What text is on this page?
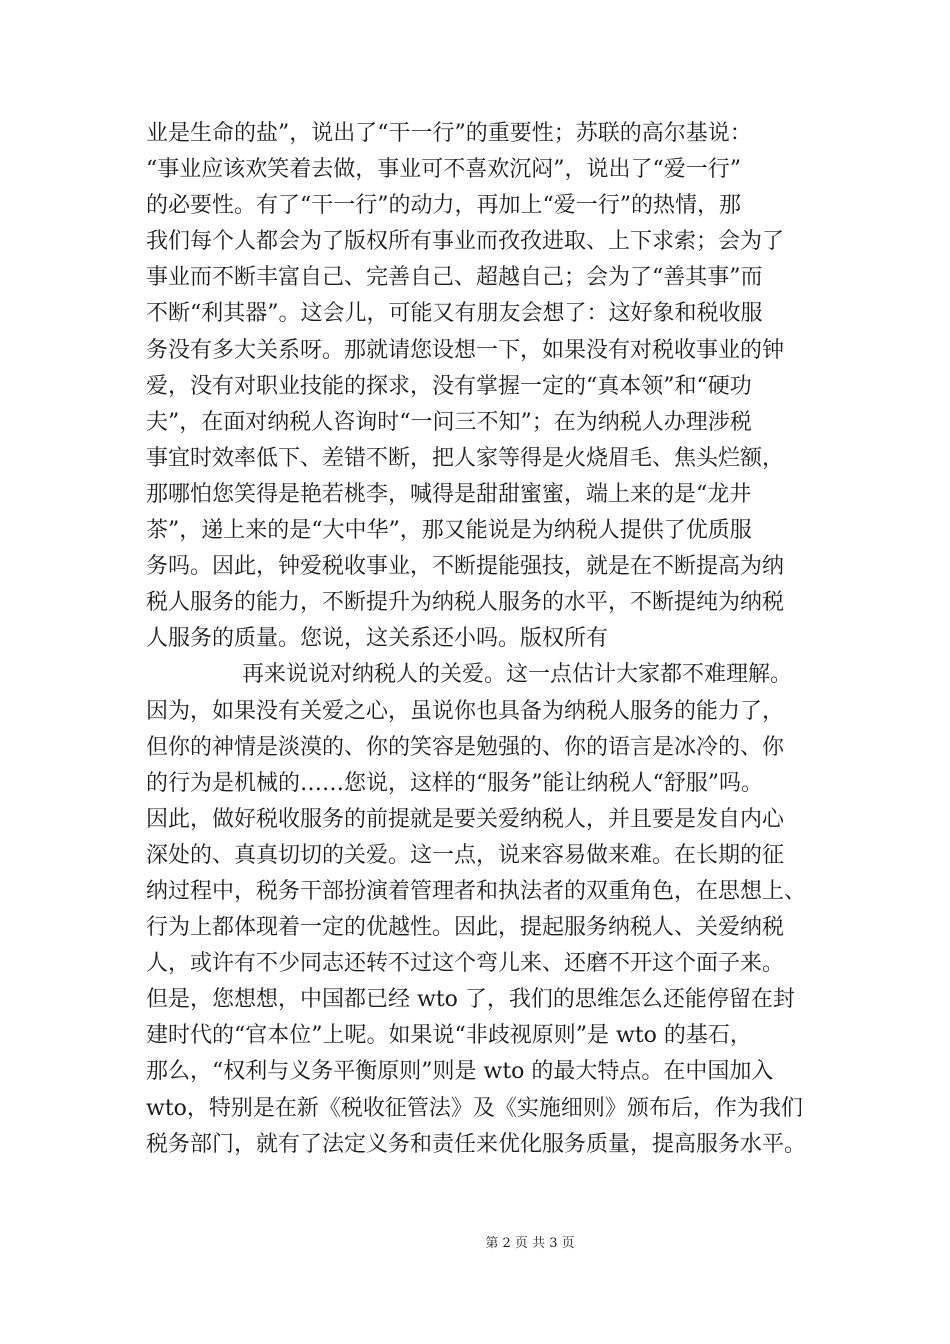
业是生命的盐”，说出了“干一行”的重要性；苏联的高尔基说：
“事业应该欢笑着去做，事业可不喜欢沉闷”，说出了“爱一行”
的必要性。有了“干一行”的动力，再加上“爱一行”的热情，那
我们每个人都会为了版权所有事业而孜孜进取、上下求索；会为了
事业而不断丰富自己、完善自己、超越自己；会为了“善其事”而
不断“利其器”。这会儿，可能又有朋友会想了：这好象和税收服
务没有多大关系呀。那就请您设想一下，如果没有对税收事业的钟
爱，没有对职业技能的探求，没有掌握一定的“真本领”和“硬功
夫”，在面对纳税人咨询时“一问三不知”；在为纳税人办理涉税
事宜时效率低下、差错不断，把人家等得是火烧眉毛、焦头烂额，
那哪怕您笑得是艳若桃李，喊得是甜甜蜜蜜，端上来的是“龙井
茶”，递上来的是“大中华”，那又能说是为纳税人提供了优质服
务吗。因此，钟爱税收事业，不断提能强技，就是在不断提高为纳
税人服务的能力，不断提升为纳税人服务的水平，不断提纯为纳税
人服务的质量。您说，这关系还小吗。版权所有
再来说说对纳税人的关爱。这一点估计大家都不难理解。
因为，如果没有关爱之心，虽说你也具备为纳税人服务的能力了，
但你的神情是淡漠的、你的笑容是勉强的、你的语言是冰冷的、你
的行为是机械的……您说，这样的“服务”能让纳税人“舒服”吗。
因此，做好税收服务的前提就是要关爱纳税人，并且要是发自内心
深处的、真真切切的关爱。这一点，说来容易做来难。在长期的征
纳过程中，税务干部扮演着管理者和执法者的双重角色，在思想上、
行为上都体现着一定的优越性。因此，提起服务纳税人、关爱纳税
人，或许有不少同志还转不过这个弯儿来、还磨不开这个面子来。
但是，您想想，中国都已经 wto 了，我们的思维怎么还能停留在封
建时代的“官本位”上呢。如果说“非歧视原则”是 wto 的基石，
那么，“权利与义务平衡原则”则是 wto 的最大特点。在中国加入
wto，特别是在新《税收征管法》及《实施细则》颁布后，作为我们
税务部门，就有了法定义务和责任来优化服务质量，提高服务水平。
第 2 页 共 3 页
